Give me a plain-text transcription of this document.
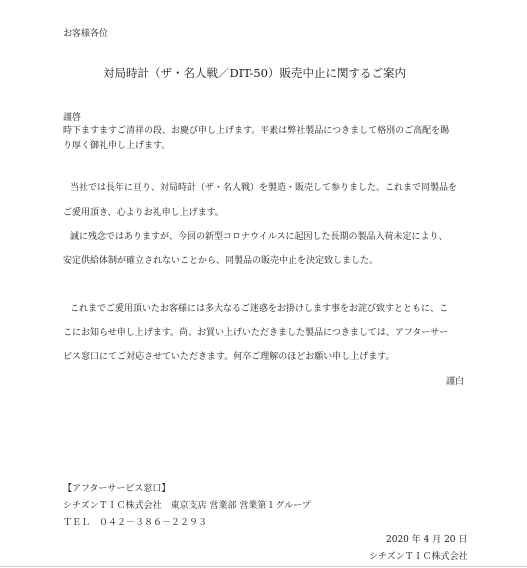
お客様各位
対局時計（ザ・名人戦／DIT-50）販売中止に関するご案内
謹啓
時下ますますご清祥の段、お慶び申し上げます。平素は弊社製品につきまして格別のご高配を賜
り厚く御礼申し上げます。
当社では長年に亘り、対局時計（ザ・名人戦）を製造・販売して参りました。これまで同製品を
ご愛用頂き、心よりお礼申し上げます。
誠に残念ではありますが、今回の新型コロナウイルスに起因した長期の製品入荷未定により、
安定供給体制が確立されないことから、同製品の販売中止を決定致しました。
これまでご愛用頂いたお客様には多大なるご迷惑をお掛けします事をお詫び致すとともに、こ
こにお知らせ申し上げます。尚、お買い上げいただきました製品につきましては、アフターサー
ビス窓口にてご対応させていただきます。何卒ご理解のほどお願い申し上げます。
謹白
【アフターサービス窓口】
シチズンＴＩＣ株式会社　東京支店 営業部 営業第１グループ
ＴＥＬ　０４２－３８６－２２９３
2020 年 4 月 20 日
シチズンＴＩＣ株式会社
